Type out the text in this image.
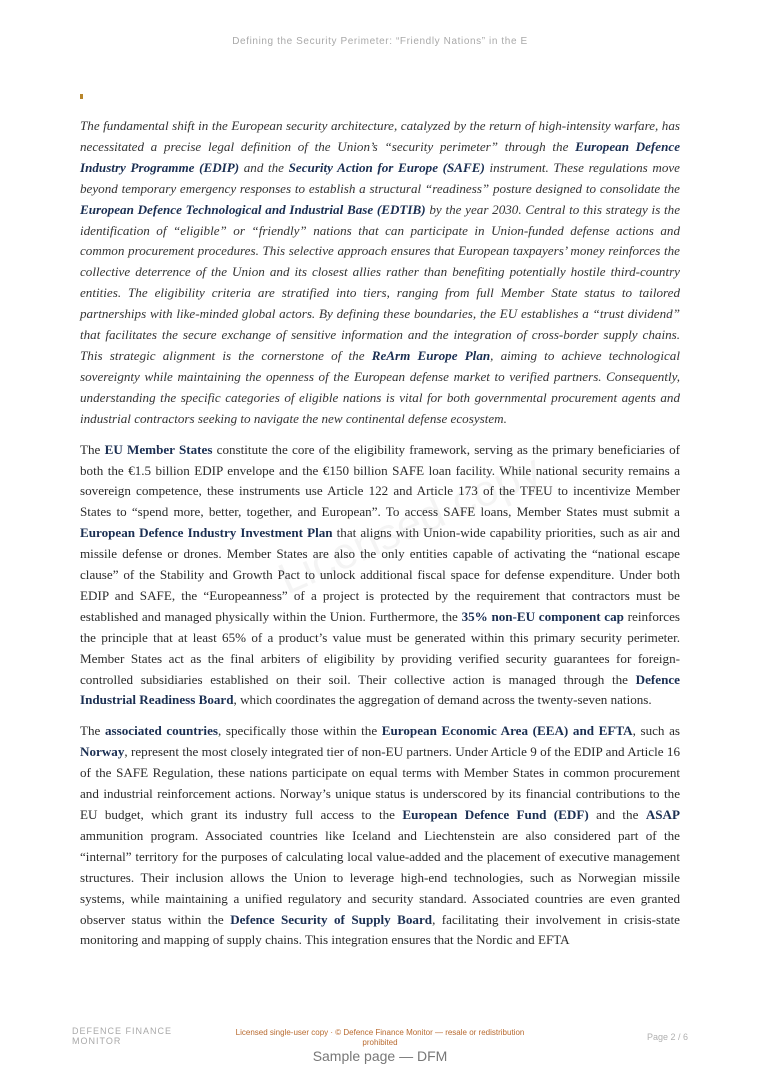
Defining the Security Perimeter: “Friendly Nations” in the E

The fundamental shift in the European security architecture, catalyzed by the return of high-intensity warfare, has necessitated a precise legal definition of the Union’s “security perimeter” through the European Defence Industry Programme (EDIP) and the Security Action for Europe (SAFE) instrument. These regulations move beyond temporary emergency responses to establish a structural “readiness” posture designed to consolidate the European Defence Technological and Industrial Base (EDTIB) by the year 2030. Central to this strategy is the identification of “eligible” or “friendly” nations that can participate in Union-funded defense actions and common procurement procedures. This selective approach ensures that European taxpayers’ money reinforces the collective deterrence of the Union and its closest allies rather than benefiting potentially hostile third-country entities. The eligibility criteria are stratified into tiers, ranging from full Member State status to tailored partnerships with like-minded global actors. By defining these boundaries, the EU establishes a “trust dividend” that facilitates the secure exchange of sensitive information and the integration of cross-border supply chains. This strategic alignment is the cornerstone of the ReArm Europe Plan, aiming to achieve technological sovereignty while maintaining the openness of the European defense market to verified partners. Consequently, understanding the specific categories of eligible nations is vital for both governmental procurement agents and industrial contractors seeking to navigate the new continental defense ecosystem.

The EU Member States constitute the core of the eligibility framework, serving as the primary beneficiaries of both the €1.5 billion EDIP envelope and the €150 billion SAFE loan facility. While national security remains a sovereign competence, these instruments use Article 122 and Article 173 of the TFEU to incentivize Member States to “spend more, better, together, and European”. To access SAFE loans, Member States must submit a European Defence Industry Investment Plan that aligns with Union-wide capability priorities, such as air and missile defense or drones. Member States are also the only entities capable of activating the “national escape clause” of the Stability and Growth Pact to unlock additional fiscal space for defense expenditure. Under both EDIP and SAFE, the “Europeanness” of a project is protected by the requirement that contractors must be established and managed physically within the Union. Furthermore, the 35% non-EU component cap reinforces the principle that at least 65% of a product’s value must be generated within this primary security perimeter. Member States act as the final arbiters of eligibility by providing verified security guarantees for foreign-controlled subsidiaries established on their soil. Their collective action is managed through the Defence Industrial Readiness Board, which coordinates the aggregation of demand across the twenty-seven nations.

The associated countries, specifically those within the European Economic Area (EEA) and EFTA, such as Norway, represent the most closely integrated tier of non-EU partners. Under Article 9 of the EDIP and Article 16 of the SAFE Regulation, these nations participate on equal terms with Member States in common procurement and industrial reinforcement actions. Norway’s unique status is underscored by its financial contributions to the EU budget, which grant its industry full access to the European Defence Fund (EDF) and the ASAP ammunition program. Associated countries like Iceland and Liechtenstein are also considered part of the “internal” territory for the purposes of calculating local value-added and the placement of executive management structures. Their inclusion allows the Union to leverage high-end technologies, such as Norwegian missile systems, while maintaining a unified regulatory and security standard. Associated countries are even granted observer status within the Defence Security of Supply Board, facilitating their involvement in crisis-state monitoring and mapping of supply chains. This integration ensures that the Nordic and EFTA

DEFENCE FINANCE
MONITOR
Licensed single-user copy · © Defence Finance Monitor — resale or redistribution prohibited
Page 2 / 6
Sample page — DFM
